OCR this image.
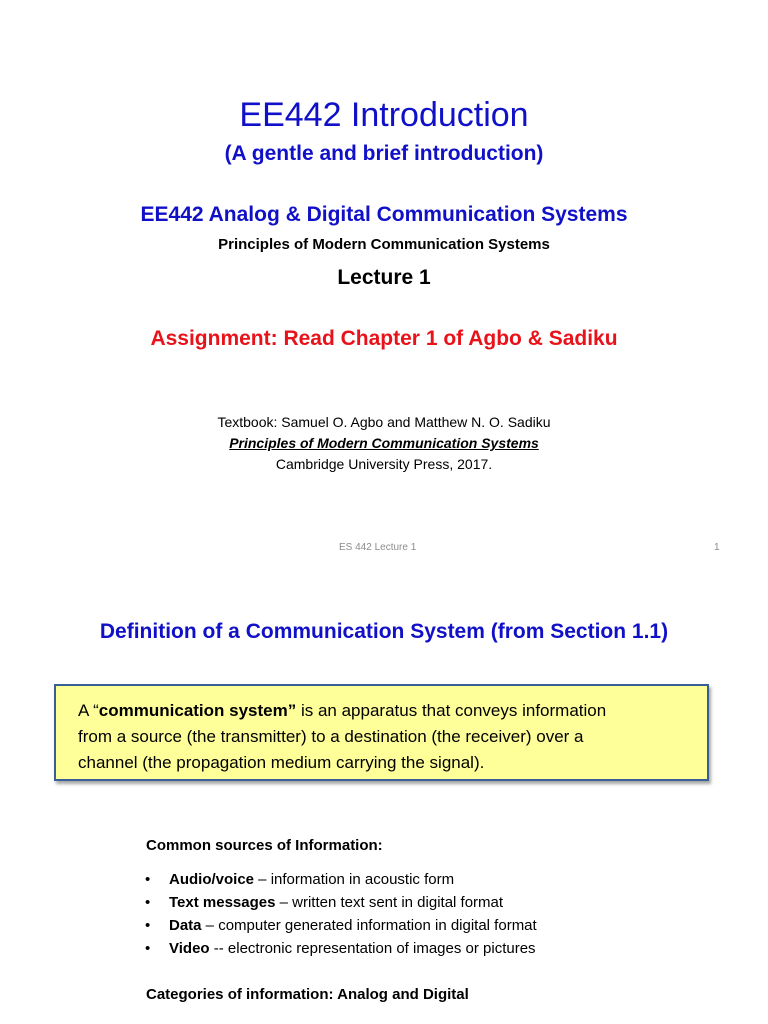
EE442 Introduction
(A gentle and brief introduction)
EE442 Analog & Digital Communication Systems
Principles of Modern Communication Systems
Lecture 1
Assignment: Read Chapter 1 of Agbo & Sadiku
Textbook: Samuel O. Agbo and Matthew N. O. Sadiku
Principles of Modern Communication Systems
Cambridge University Press, 2017.
ES 442 Lecture 1	1
Definition of a Communication System (from Section 1.1)
A “communication system” is an apparatus that conveys information
from a source (the transmitter) to a destination (the receiver) over a
channel (the propagation medium carrying the signal).
Common sources of Information:
• Audio/voice – information in acoustic form
• Text messages – written text sent in digital format
• Data – computer generated information in digital format
• Video -- electronic representation of images or pictures
Categories of information: Analog and Digital
